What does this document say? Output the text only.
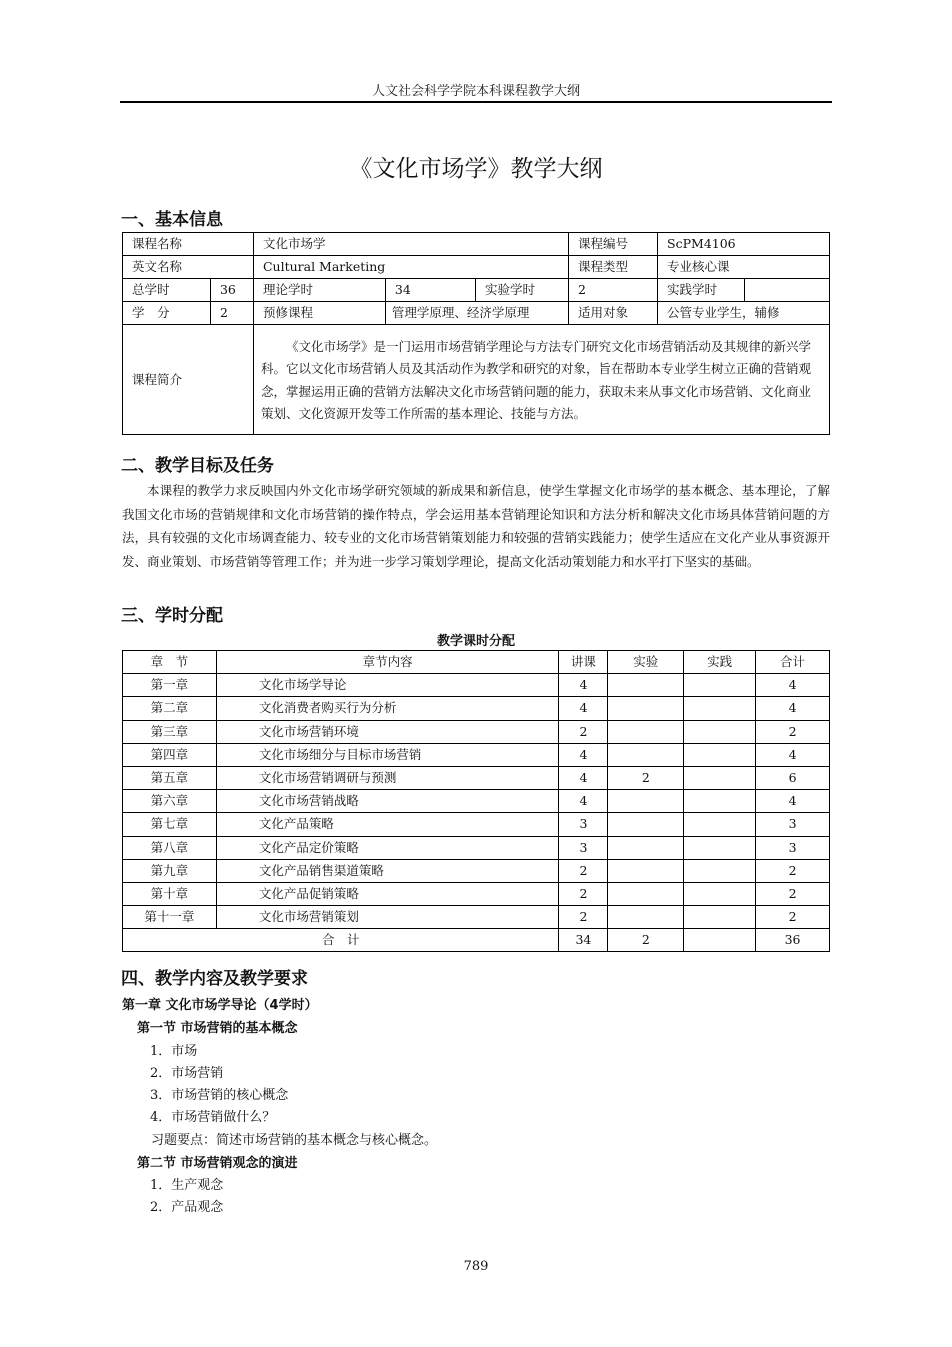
人文社会科学学院本科课程教学大纲
《文化市场学》教学大纲
一、基本信息
课程名称		文化市场学			课程编号	ScPM4106	
英文名称		Cultural Marketing			课程类型	专业核心课	
总学时	36	理论学时	34	实验学时	2	实践学时	
学　分	2	预修课程	管理学原理、经济学原理		适用对象	公管专业学生，辅修	
课程简介		《文化市场学》是一门运用市场营销学理论与方法专门研究文化市场营销活动及其规律的新兴学科。它以文化市场营销人员及其活动作为教学和研究的对象，旨在帮助本专业学生树立正确的营销观念，掌握运用正确的营销方法解决文化市场营销问题的能力，获取未来从事文化市场营销、文化商业策划、文化资源开发等工作所需的基本理论、技能与方法。					
二、教学目标及任务
本课程的教学力求反映国内外文化市场学研究领域的新成果和新信息，使学生掌握文化市场学的基本概念、基本理论，了解我国文化市场的营销规律和文化市场营销的操作特点，学会运用基本营销理论知识和方法分析和解决文化市场具体营销问题的方法，具有较强的文化市场调查能力、较专业的文化市场营销策划能力和较强的营销实践能力；使学生适应在文化产业从事资源开发、商业策划、市场营销等管理工作；并为进一步学习策划学理论，提高文化活动策划能力和水平打下坚实的基础。
三、学时分配
教学课时分配
章　节	章节内容	讲课	实验	实践	合计
第一章	文化市场学导论	4			4
第二章	文化消费者购买行为分析	4			4
第三章	文化市场营销环境	2			2
第四章	文化市场细分与目标市场营销	4			4
第五章	文化市场营销调研与预测	4	2		6
第六章	文化市场营销战略	4			4
第七章	文化产品策略	3			3
第八章	文化产品定价策略	3			3
第九章	文化产品销售渠道策略	2			2
第十章	文化产品促销策略	2			2
第十一章	文化市场营销策划	2			2
合　计		34	2		36
四、教学内容及教学要求
第一章 文化市场学导论（4学时）
第一节 市场营销的基本概念
1．市场
2．市场营销
3．市场营销的核心概念
4．市场营销做什么？
习题要点：简述市场营销的基本概念与核心概念。
第二节 市场营销观念的演进
1．生产观念
2．产品观念
789
